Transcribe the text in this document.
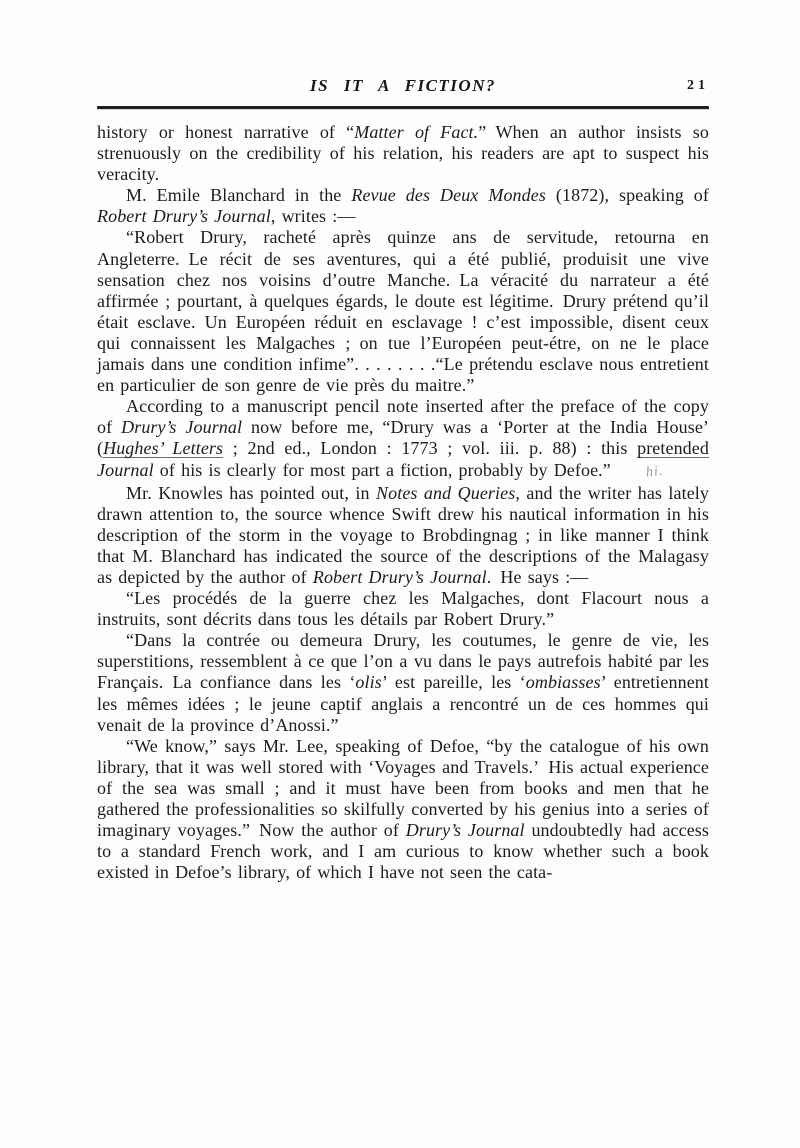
IS IT A FICTION?	21

history or honest narrative of “Matter of Fact.” When an author insists so strenuously on the credibility of his relation, his readers are apt to suspect his veracity.

M. Emile Blanchard in the Revue des Deux Mondes (1872), speaking of Robert Drury’s Journal, writes :—

“Robert Drury, racheté après quinze ans de servitude, retourna en Angleterre. Le récit de ses aventures, qui a été publié, produisit une vive sensation chez nos voisins d’outre Manche. La véracité du narrateur a été affirmée ; pourtant, à quelques égards, le doute est légitime. Drury prétend qu’il était esclave. Un Européen réduit en esclavage ! c’est impossible, disent ceux qui connaissent les Malgaches ; on tue l’Européen peut-étre, on ne le place jamais dans une condition infime”. . . . . . . .“Le prétendu esclave nous entretient en particulier de son genre de vie près du maitre.”

According to a manuscript pencil note inserted after the preface of the copy of Drury’s Journal now before me, “Drury was a ‘Porter at the India House’ (Hughes’ Letters ; 2nd ed., London : 1773 ; vol. iii. p. 88) : this pretended Journal of his is clearly for most part a fiction, probably by Defoe.” hi.

Mr. Knowles has pointed out, in Notes and Queries, and the writer has lately drawn attention to, the source whence Swift drew his nautical information in his description of the storm in the voyage to Brobdingnag ; in like manner I think that M. Blanchard has indicated the source of the descriptions of the Malagasy as depicted by the author of Robert Drury’s Journal. He says :—

“Les procédés de la guerre chez les Malgaches, dont Flacourt nous a instruits, sont décrits dans tous les détails par Robert Drury.”

“Dans la contrée ou demeura Drury, les coutumes, le genre de vie, les superstitions, ressemblent à ce que l’on a vu dans le pays autrefois habité par les Français. La confiance dans les ‘olis’ est pareille, les ‘ombiasses’ entretiennent les mêmes idées ; le jeune captif anglais a rencontré un de ces hommes qui venait de la province d’Anossi.”

“We know,” says Mr. Lee, speaking of Defoe, “by the catalogue of his own library, that it was well stored with ‘Voyages and Travels.’ His actual experience of the sea was small ; and it must have been from books and men that he gathered the professionalities so skilfully converted by his genius into a series of imaginary voyages.” Now the author of Drury’s Journal undoubtedly had access to a standard French work, and I am curious to know whether such a book existed in Defoe’s library, of which I have not seen the cata-
